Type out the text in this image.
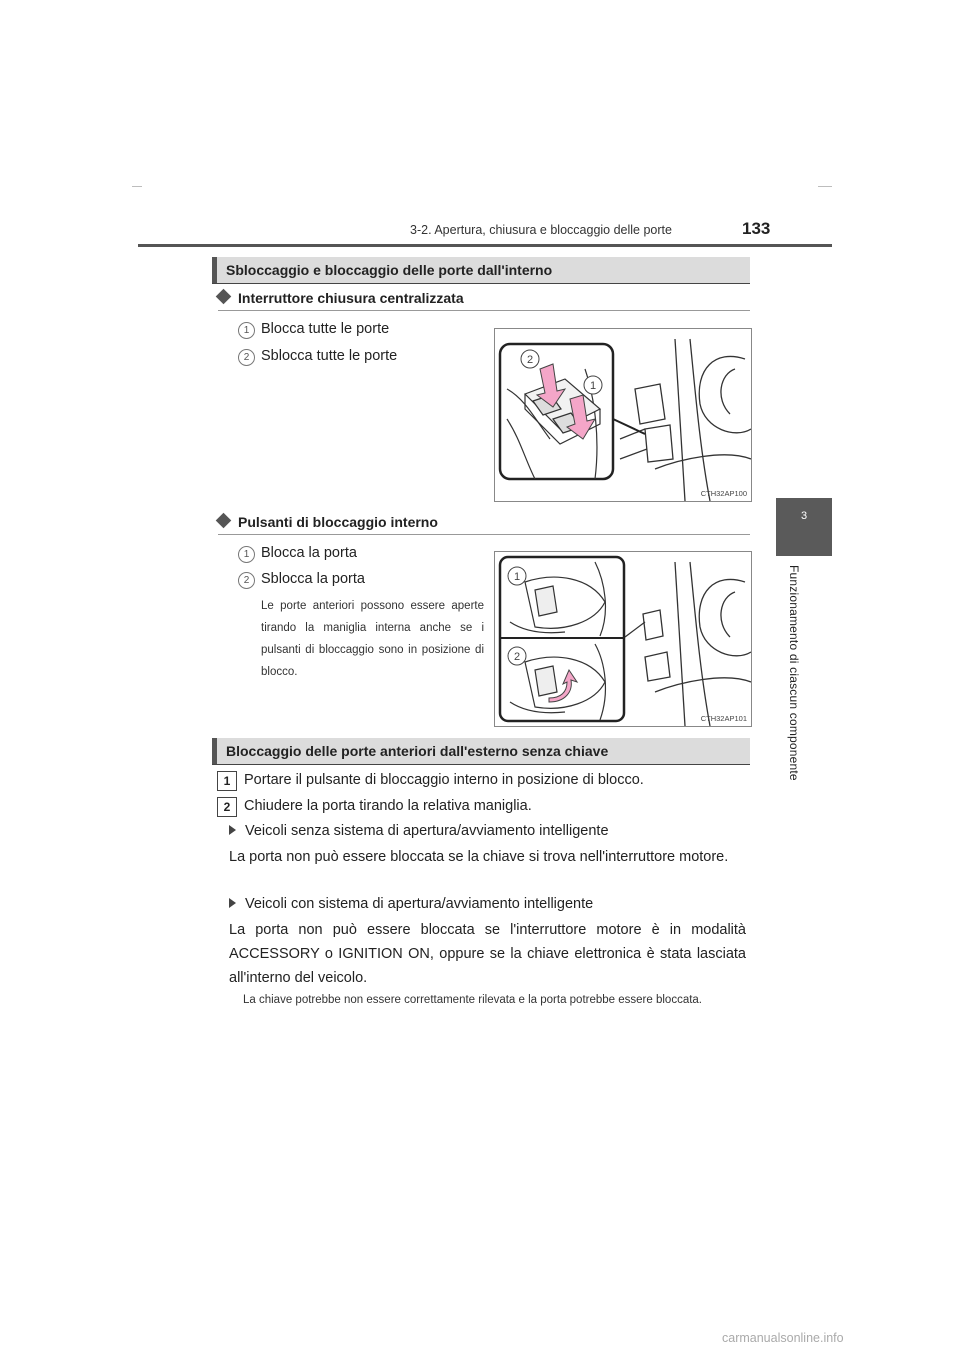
3-2. Apertura, chiusura e bloccaggio delle porte	133
3
Funzionamento di ciascun componente
Sbloccaggio e bloccaggio delle porte dall'interno
Interruttore chiusura centralizzata
1 Blocca tutte le porte
2 Sblocca tutte le porte	2
1
CTH32AP100
Pulsanti di bloccaggio interno
1 Blocca la porta
2 Sblocca la porta
Le porte anteriori possono essere aperte tirando la maniglia interna anche se i pulsanti di bloccaggio sono in posizione di blocco.
1
2
CTH32AP101
Bloccaggio delle porte anteriori dall'esterno senza chiave
1 Portare il pulsante di bloccaggio interno in posizione di blocco.
2 Chiudere la porta tirando la relativa maniglia.
Veicoli senza sistema di apertura/avviamento intelligente
La porta non può essere bloccata se la chiave si trova nell'interruttore motore.
Veicoli con sistema di apertura/avviamento intelligente
La porta non può essere bloccata se l'interruttore motore è in modalità ACCESSORY o IGNITION ON, oppure se la chiave elettronica è stata lasciata all'interno del veicolo.
La chiave potrebbe non essere correttamente rilevata e la porta potrebbe essere bloccata.
carmanualsonline.info
